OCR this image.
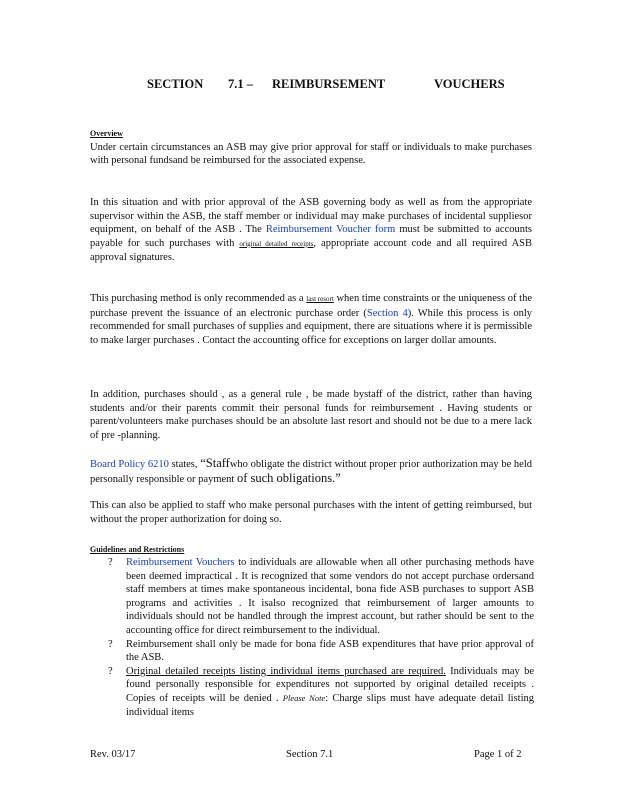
SECTION 7.1 – REIMBURSEMENT	VOUCHERS
Overview
Under certain circumstances an ASB may give prior approval for staff or individuals to make purchases with personal fundsand be reimbursed for the associated expense.
In this situation and with prior approval of the ASB governing body as well as from the appropriate supervisor within the ASB, the staff member or individual may make purchases of incidental suppliesor equipment, on behalf of the ASB . The Reimbursement Voucher form must be submitted to accounts payable for such purchases with original detailed receipts, appropriate account code and all required ASB approval signatures.
This purchasing method is only recommended as a last resort when time constraints or the uniqueness of the purchase prevent the issuance of an electronic purchase order (Section 4). While this process is only recommended for small purchases of supplies and equipment, there are situations where it is permissible to make larger purchases . Contact the accounting office for exceptions on larger dollar amounts.
In addition, purchases should , as a general rule , be made bystaff of the district, rather than having students and/or their parents commit their personal funds for reimbursement . Having students or parent/volunteers make purchases should be an absolute last resort and should not be due to a mere lack of pre -planning.
Board Policy 6210 states, “Staffwho obligate the district without proper prior authorization may be held personally responsible or payment of such obligations.”
This can also be applied to staff who make personal purchases with the intent of getting reimbursed, but without the proper authorization for doing so.
Guidelines and Restrictions
? Reimbursement Vouchers to individuals are allowable when all other purchasing methods have been deemed impractical . It is recognized that some vendors do not accept purchase ordersand staff members at times make spontaneous incidental, bona fide ASB purchases to support ASB programs and activities . It isalso recognized that reimbursement of larger amounts to individuals should not be handled through the imprest account, but rather should be sent to the accounting office for direct reimbursement to the individual.
? Reimbursement shall only be made for bona fide ASB expenditures that have prior approval of the ASB.
? Original detailed receipts listing individual items purchased are required. Individuals may be found personally responsible for expenditures not supported by original detailed receipts . Copies of receipts will be denied . Please Note: Charge slips must have adequate detail listing individual items
Rev. 03/17	Section 7.1	Page 1 of 2
